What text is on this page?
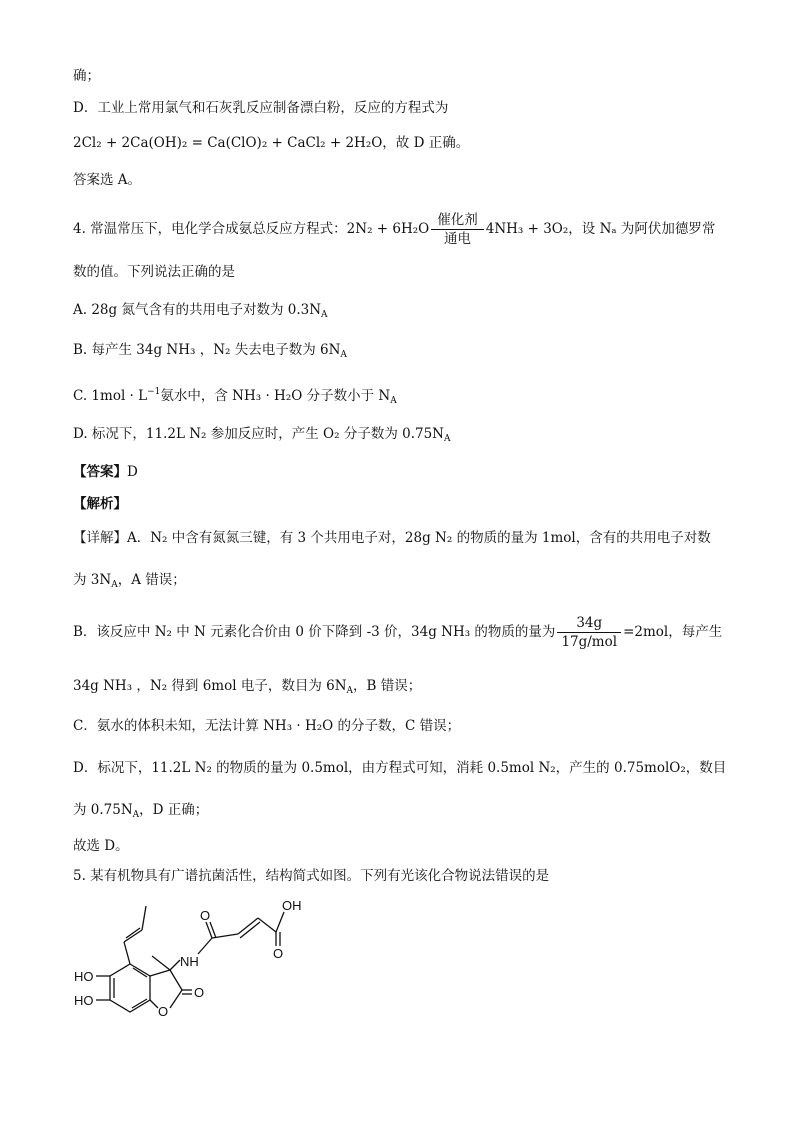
确；
D．工业上常用氯气和石灰乳反应制备漂白粉，反应的方程式为
2Cl₂ + 2Ca(OH)₂ = Ca(ClO)₂ + CaCl₂ + 2H₂O，故 D 正确。
答案选 A。
4. 常温常压下，电化学合成氨总反应方程式：2N₂ + 6H₂O
催化剂
通电
4NH₃ + 3O₂，设 Nₐ 为阿伏加德罗常
数的值。下列说法正确的是
A. 28g 氮气含有的共用电子对数为 $0.3N_A$
B. 每产生 34g NH₃ ，N₂ 失去电子数为 $6N_A$
C. $1mol \cdot L^{-1}$氨水中，含 NH₃ · H₂O 分子数小于 $N_A$
D. 标况下，11.2L N₂ 参加反应时，产生 O₂ 分子数为 $0.75N_A$
【答案】D
【解析】
【详解】A．N₂ 中含有氮氮三键，有 3 个共用电子对，28g N₂ 的物质的量为 1mol，含有的共用电子对数
为 $3N_A$，A 错误；
B．该反应中 N₂ 中 N 元素化合价由 0 价下降到 -3 价，34g NH₃ 的物质的量为 $\frac{34g}{\text{17g/mol}} =2mol$，每产生
34g NH₃ ，N₂ 得到 6mol 电子，数目为 $6N_A$，B 错误；
C．氨水的体积未知，无法计算 NH₃ · H₂O 的分子数，C 错误；
D．标况下，11.2L N₂ 的物质的量为 0.5mol，由方程式可知，消耗 0.5mol N₂，产生的 0.75molO₂，数目
为 $0.75N_A$，D 正确；
故选 D。
5. 某有机物具有广谱抗菌活性，结构简式如图。下列有光该化合物说法错误的是
OH
O
O
NH
HO
HO
O
O
